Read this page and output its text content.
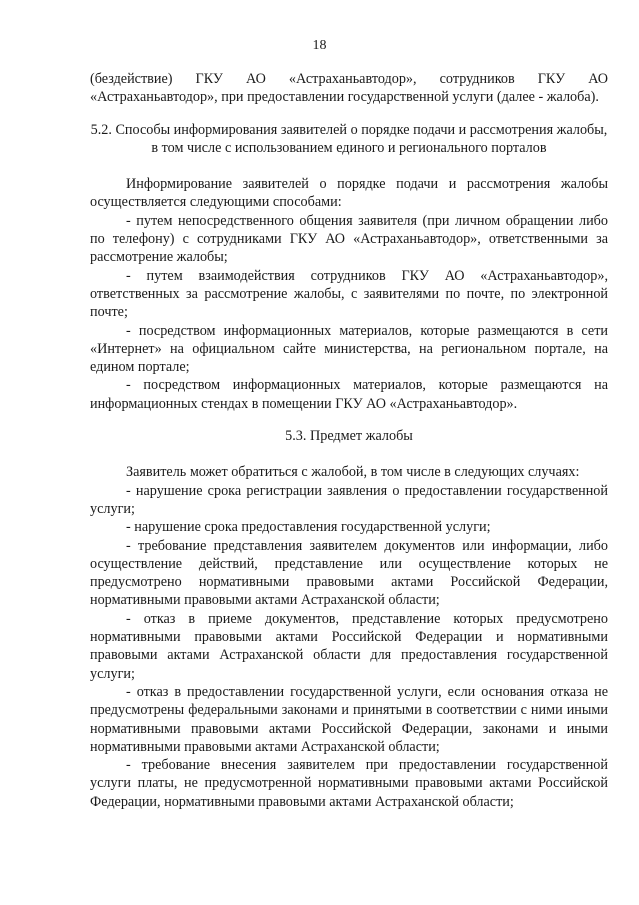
18

(бездействие) ГКУ АО «Астраханьавтодор», сотрудников ГКУ АО «Астраханьавтодор», при предоставлении государственной услуги (далее - жалоба).

5.2. Способы информирования заявителей о порядке подачи и рассмотрения жалобы, в том числе с использованием единого и регионального порталов

Информирование заявителей о порядке подачи и рассмотрения жалобы осуществляется следующими способами:

- путем непосредственного общения заявителя (при личном обращении либо по телефону) с сотрудниками ГКУ АО «Астраханьавтодор», ответственными за рассмотрение жалобы;

- путем взаимодействия сотрудников ГКУ АО «Астраханьавтодор», ответственных за рассмотрение жалобы, с заявителями по почте, по электронной почте;

- посредством информационных материалов, которые размещаются в сети «Интернет» на официальном сайте министерства, на региональном портале, на едином портале;

- посредством информационных материалов, которые размещаются на информационных стендах в помещении ГКУ АО «Астраханьавтодор».

5.3. Предмет жалобы

Заявитель может обратиться с жалобой, в том числе в следующих случаях:

- нарушение срока регистрации заявления о предоставлении государственной услуги;

- нарушение срока предоставления государственной услуги;

- требование представления заявителем документов или информации, либо осуществление действий, представление или осуществление которых не предусмотрено нормативными правовыми актами Российской Федерации, нормативными правовыми актами Астраханской области;

- отказ в приеме документов, представление которых предусмотрено нормативными правовыми актами Российской Федерации и нормативными правовыми актами Астраханской области для предоставления государственной услуги;

- отказ в предоставлении государственной услуги, если основания отказа не предусмотрены федеральными законами и принятыми в соответствии с ними иными нормативными правовыми актами Российской Федерации, законами и иными нормативными правовыми актами Астраханской области;

- требование внесения заявителем при предоставлении государственной услуги платы, не предусмотренной нормативными правовыми актами Российской Федерации, нормативными правовыми актами Астраханской области;
